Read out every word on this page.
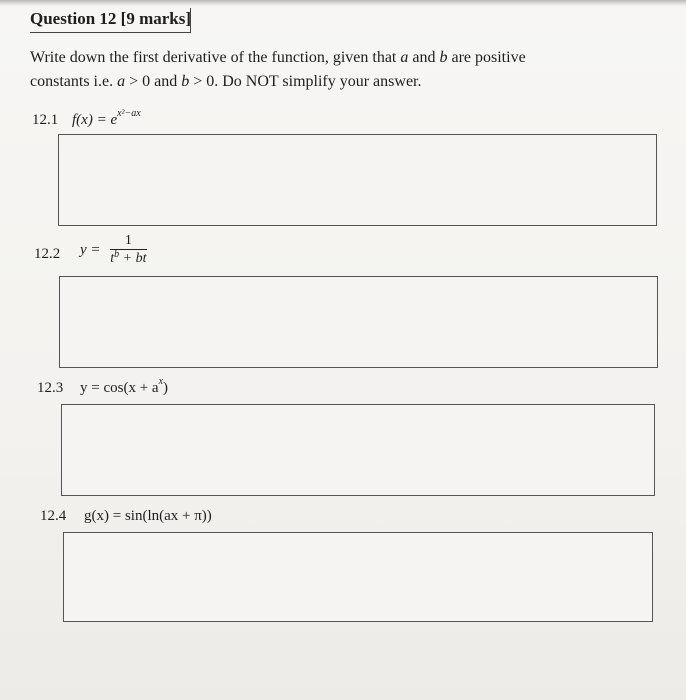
Question 12 [9 marks]
Write down the first derivative of the function, given that a and b are positive
constants i.e. a > 0 and b > 0. Do NOT simplify your answer.
12.1 $f(x) = e^{x^2-ax}$
12.2 $y = \frac{1}{t^b + bt}$
12.3 $y = \cos(x + a^x)$
12.4 g(x) = sin(ln(ax + π))
